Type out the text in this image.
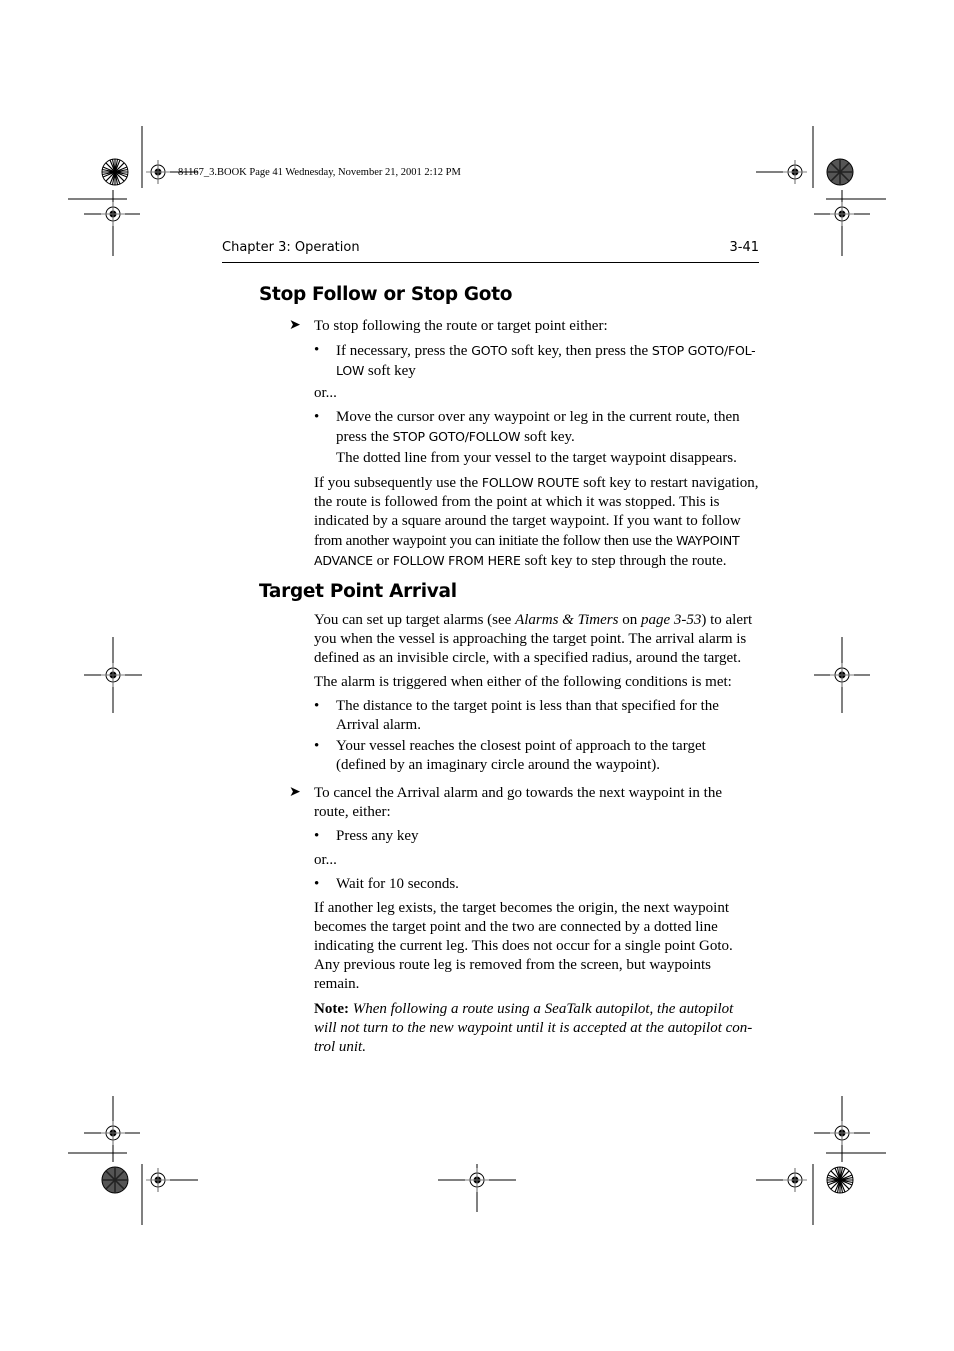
81167_3.BOOK Page 41 Wednesday, November 21, 2001 2:12 PM
Chapter 3: Operation	3-41
Stop Follow or Stop Goto
➤ To stop following the route or target point either:
• If necessary, press the GOTO soft key, then press the STOP GOTO/FOL-
LOW soft key
or...
• Move the cursor over any waypoint or leg in the current route, then
press the STOP GOTO/FOLLOW soft key.
The dotted line from your vessel to the target waypoint disappears.
If you subsequently use the FOLLOW ROUTE soft key to restart navigation,
the route is followed from the point at which it was stopped. This is
indicated by a square around the target waypoint. If you want to follow
from another waypoint you can initiate the follow then use the WAYPOINT
ADVANCE or FOLLOW FROM HERE soft key to step through the route.
Target Point Arrival
You can set up target alarms (see Alarms & Timers on page 3-53) to alert
you when the vessel is approaching the target point. The arrival alarm is
defined as an invisible circle, with a specified radius, around the target.
The alarm is triggered when either of the following conditions is met:
• The distance to the target point is less than that specified for the
Arrival alarm.
• Your vessel reaches the closest point of approach to the target
(defined by an imaginary circle around the waypoint).
➤ To cancel the Arrival alarm and go towards the next waypoint in the
route, either:
• Press any key
or...
• Wait for 10 seconds.
If another leg exists, the target becomes the origin, the next waypoint
becomes the target point and the two are connected by a dotted line
indicating the current leg. This does not occur for a single point Goto.
Any previous route leg is removed from the screen, but waypoints
remain.
Note: When following a route using a SeaTalk autopilot, the autopilot
will not turn to the new waypoint until it is accepted at the autopilot con-
trol unit.
